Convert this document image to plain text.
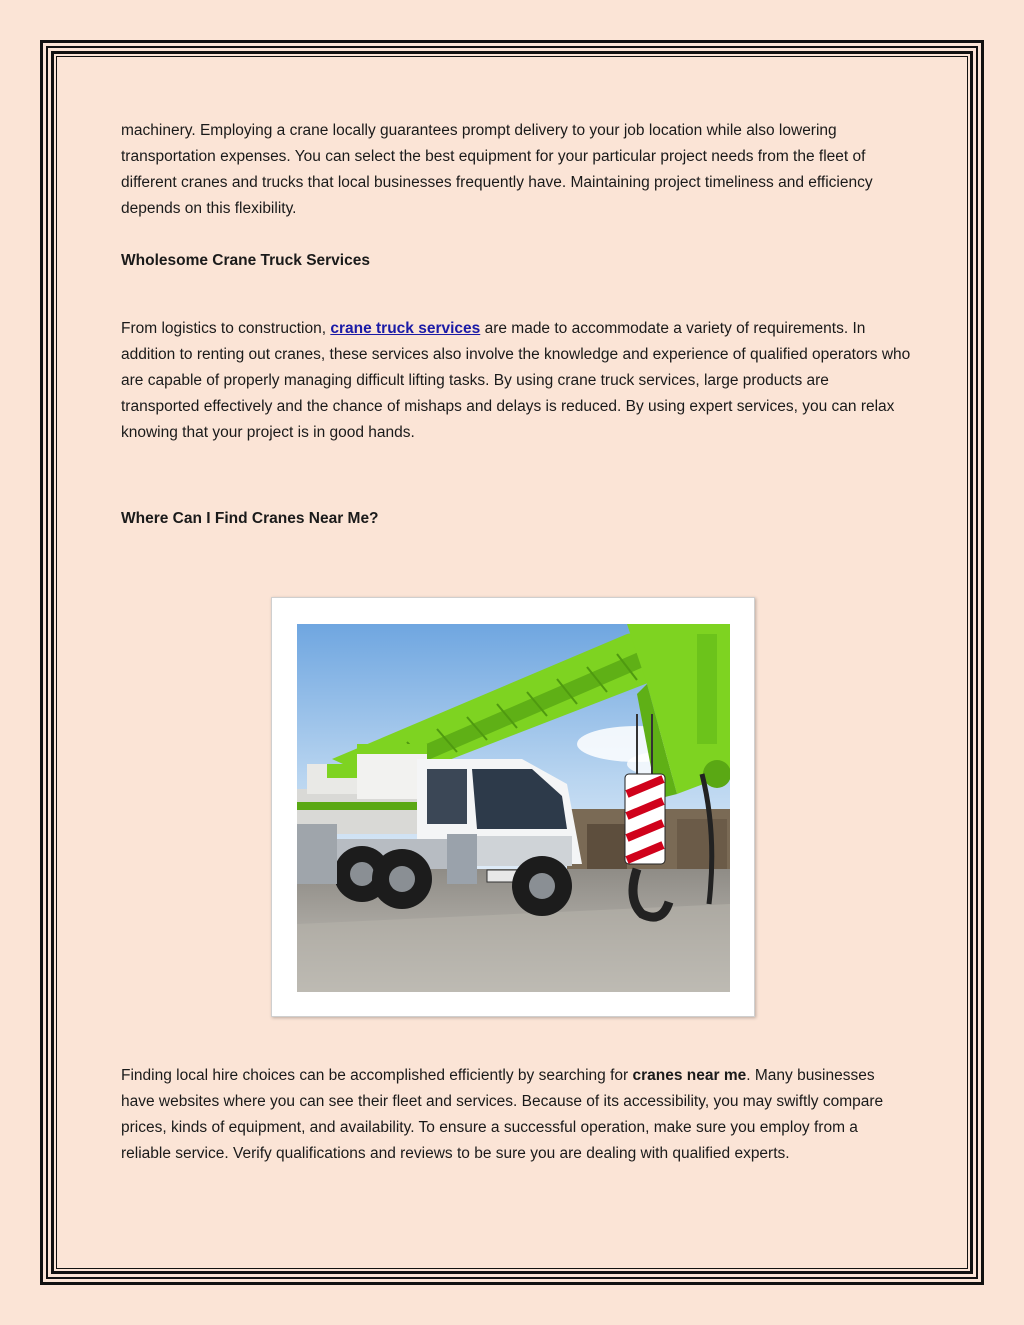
machinery. Employing a crane locally guarantees prompt delivery to your job location while also lowering transportation expenses. You can select the best equipment for your particular project needs from the fleet of different cranes and trucks that local businesses frequently have. Maintaining project timeliness and efficiency depends on this flexibility.

Wholesome Crane Truck Services

From logistics to construction, crane truck services are made to accommodate a variety of requirements. In addition to renting out cranes, these services also involve the knowledge and experience of qualified operators who are capable of properly managing difficult lifting tasks. By using crane truck services, large products are transported effectively and the chance of mishaps and delays is reduced. By using expert services, you can relax knowing that your project is in good hands.

Where Can I Find Cranes Near Me?

Finding local hire choices can be accomplished efficiently by searching for cranes near me. Many businesses have websites where you can see their fleet and services. Because of its accessibility, you may swiftly compare prices, kinds of equipment, and availability. To ensure a successful operation, make sure you employ from a reliable service. Verify qualifications and reviews to be sure you are dealing with qualified experts.
